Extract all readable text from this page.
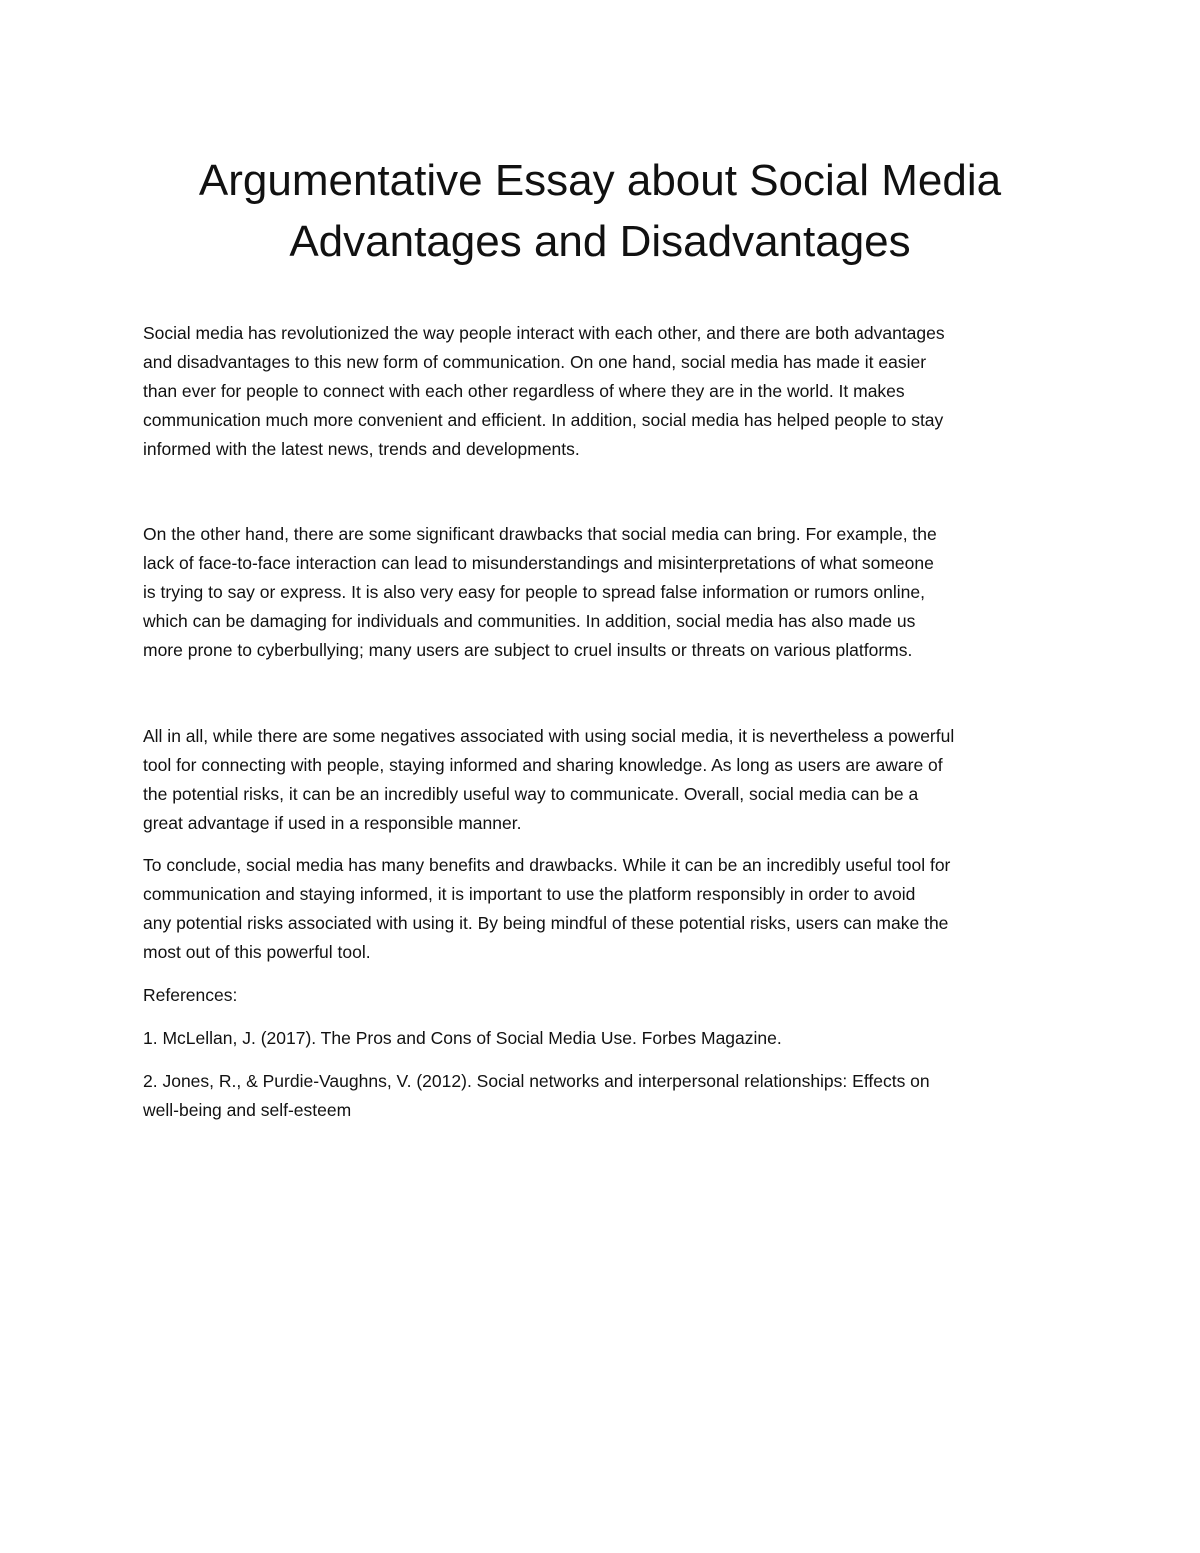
Argumentative Essay about Social Media
Advantages and Disadvantages

Social media has revolutionized the way people interact with each other, and there are both advantages
and disadvantages to this new form of communication. On one hand, social media has made it easier
than ever for people to connect with each other regardless of where they are in the world. It makes
communication much more convenient and efficient. In addition, social media has helped people to stay
informed with the latest news, trends and developments.

On the other hand, there are some significant drawbacks that social media can bring. For example, the
lack of face-to-face interaction can lead to misunderstandings and misinterpretations of what someone
is trying to say or express. It is also very easy for people to spread false information or rumors online,
which can be damaging for individuals and communities. In addition, social media has also made us
more prone to cyberbullying; many users are subject to cruel insults or threats on various platforms.

All in all, while there are some negatives associated with using social media, it is nevertheless a powerful
tool for connecting with people, staying informed and sharing knowledge. As long as users are aware of
the potential risks, it can be an incredibly useful way to communicate. Overall, social media can be a
great advantage if used in a responsible manner.

To conclude, social media has many benefits and drawbacks. While it can be an incredibly useful tool for
communication and staying informed, it is important to use the platform responsibly in order to avoid
any potential risks associated with using it. By being mindful of these potential risks, users can make the
most out of this powerful tool.

References:

1. McLellan, J. (2017). The Pros and Cons of Social Media Use. Forbes Magazine.

2. Jones, R., & Purdie-Vaughns, V. (2012). Social networks and interpersonal relationships: Effects on
well-being and self-esteem
